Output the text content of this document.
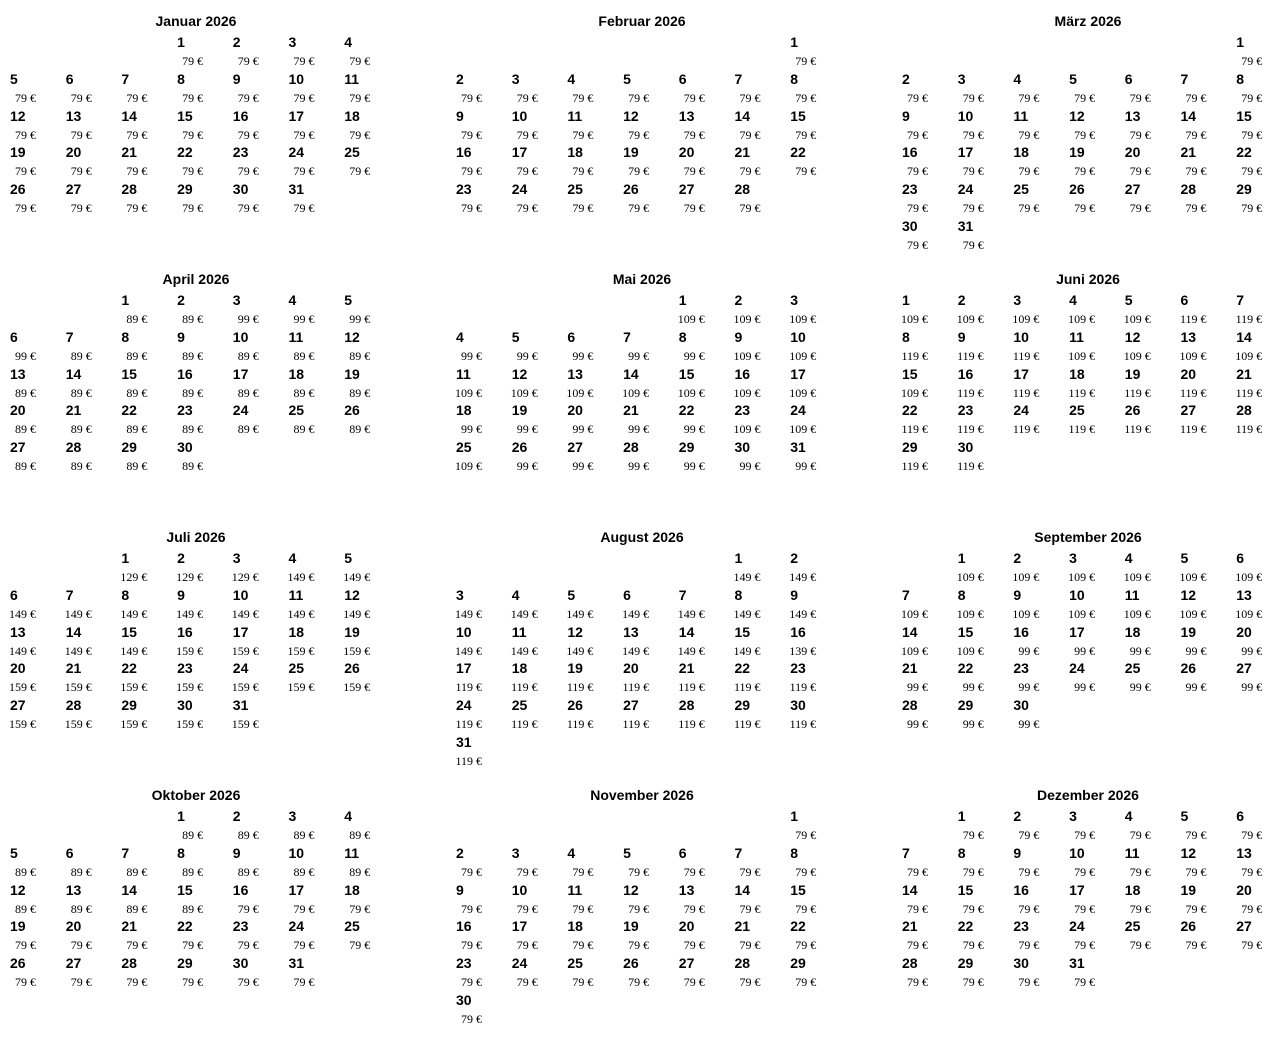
Januar 2026
1
79 €
2
79 €
3
79 €
4
79 €
5
79 €
6
79 €
7
79 €
8
79 €
9
79 €
10
79 €
11
79 €
12
79 €
13
79 €
14
79 €
15
79 €
16
79 €
17
79 €
18
79 €
19
79 €
20
79 €
21
79 €
22
79 €
23
79 €
24
79 €
25
79 €
26
79 €
27
79 €
28
79 €
29
79 €
30
79 €
31
79 €
Februar 2026
1
79 €
2
79 €
3
79 €
4
79 €
5
79 €
6
79 €
7
79 €
8
79 €
9
79 €
10
79 €
11
79 €
12
79 €
13
79 €
14
79 €
15
79 €
16
79 €
17
79 €
18
79 €
19
79 €
20
79 €
21
79 €
22
79 €
23
79 €
24
79 €
25
79 €
26
79 €
27
79 €
28
79 €
März 2026
1
79 €
2
79 €
3
79 €
4
79 €
5
79 €
6
79 €
7
79 €
8
79 €
9
79 €
10
79 €
11
79 €
12
79 €
13
79 €
14
79 €
15
79 €
16
79 €
17
79 €
18
79 €
19
79 €
20
79 €
21
79 €
22
79 €
23
79 €
24
79 €
25
79 €
26
79 €
27
79 €
28
79 €
29
79 €
30
79 €
31
79 €
April 2026
1
89 €
2
89 €
3
99 €
4
99 €
5
99 €
6
99 €
7
89 €
8
89 €
9
89 €
10
89 €
11
89 €
12
89 €
13
89 €
14
89 €
15
89 €
16
89 €
17
89 €
18
89 €
19
89 €
20
89 €
21
89 €
22
89 €
23
89 €
24
89 €
25
89 €
26
89 €
27
89 €
28
89 €
29
89 €
30
89 €
Mai 2026
1
109 €
2
109 €
3
109 €
4
99 €
5
99 €
6
99 €
7
99 €
8
99 €
9
109 €
10
109 €
11
109 €
12
109 €
13
109 €
14
109 €
15
109 €
16
109 €
17
109 €
18
99 €
19
99 €
20
99 €
21
99 €
22
99 €
23
109 €
24
109 €
25
109 €
26
99 €
27
99 €
28
99 €
29
99 €
30
99 €
31
99 €
Juni 2026
1
109 €
2
109 €
3
109 €
4
109 €
5
109 €
6
119 €
7
119 €
8
119 €
9
119 €
10
119 €
11
109 €
12
109 €
13
109 €
14
109 €
15
109 €
16
119 €
17
119 €
18
119 €
19
119 €
20
119 €
21
119 €
22
119 €
23
119 €
24
119 €
25
119 €
26
119 €
27
119 €
28
119 €
29
119 €
30
119 €
Juli 2026
1
129 €
2
129 €
3
129 €
4
149 €
5
149 €
6
149 €
7
149 €
8
149 €
9
149 €
10
149 €
11
149 €
12
149 €
13
149 €
14
149 €
15
149 €
16
159 €
17
159 €
18
159 €
19
159 €
20
159 €
21
159 €
22
159 €
23
159 €
24
159 €
25
159 €
26
159 €
27
159 €
28
159 €
29
159 €
30
159 €
31
159 €
August 2026
1
149 €
2
149 €
3
149 €
4
149 €
5
149 €
6
149 €
7
149 €
8
149 €
9
149 €
10
149 €
11
149 €
12
149 €
13
149 €
14
149 €
15
149 €
16
139 €
17
119 €
18
119 €
19
119 €
20
119 €
21
119 €
22
119 €
23
119 €
24
119 €
25
119 €
26
119 €
27
119 €
28
119 €
29
119 €
30
119 €
31
119 €
September 2026
1
109 €
2
109 €
3
109 €
4
109 €
5
109 €
6
109 €
7
109 €
8
109 €
9
109 €
10
109 €
11
109 €
12
109 €
13
109 €
14
109 €
15
109 €
16
99 €
17
99 €
18
99 €
19
99 €
20
99 €
21
99 €
22
99 €
23
99 €
24
99 €
25
99 €
26
99 €
27
99 €
28
99 €
29
99 €
30
99 €
Oktober 2026
1
89 €
2
89 €
3
89 €
4
89 €
5
89 €
6
89 €
7
89 €
8
89 €
9
89 €
10
89 €
11
89 €
12
89 €
13
89 €
14
89 €
15
89 €
16
79 €
17
79 €
18
79 €
19
79 €
20
79 €
21
79 €
22
79 €
23
79 €
24
79 €
25
79 €
26
79 €
27
79 €
28
79 €
29
79 €
30
79 €
31
79 €
November 2026
1
79 €
2
79 €
3
79 €
4
79 €
5
79 €
6
79 €
7
79 €
8
79 €
9
79 €
10
79 €
11
79 €
12
79 €
13
79 €
14
79 €
15
79 €
16
79 €
17
79 €
18
79 €
19
79 €
20
79 €
21
79 €
22
79 €
23
79 €
24
79 €
25
79 €
26
79 €
27
79 €
28
79 €
29
79 €
30
79 €
Dezember 2026
1
79 €
2
79 €
3
79 €
4
79 €
5
79 €
6
79 €
7
79 €
8
79 €
9
79 €
10
79 €
11
79 €
12
79 €
13
79 €
14
79 €
15
79 €
16
79 €
17
79 €
18
79 €
19
79 €
20
79 €
21
79 €
22
79 €
23
79 €
24
79 €
25
79 €
26
79 €
27
79 €
28
79 €
29
79 €
30
79 €
31
79 €
